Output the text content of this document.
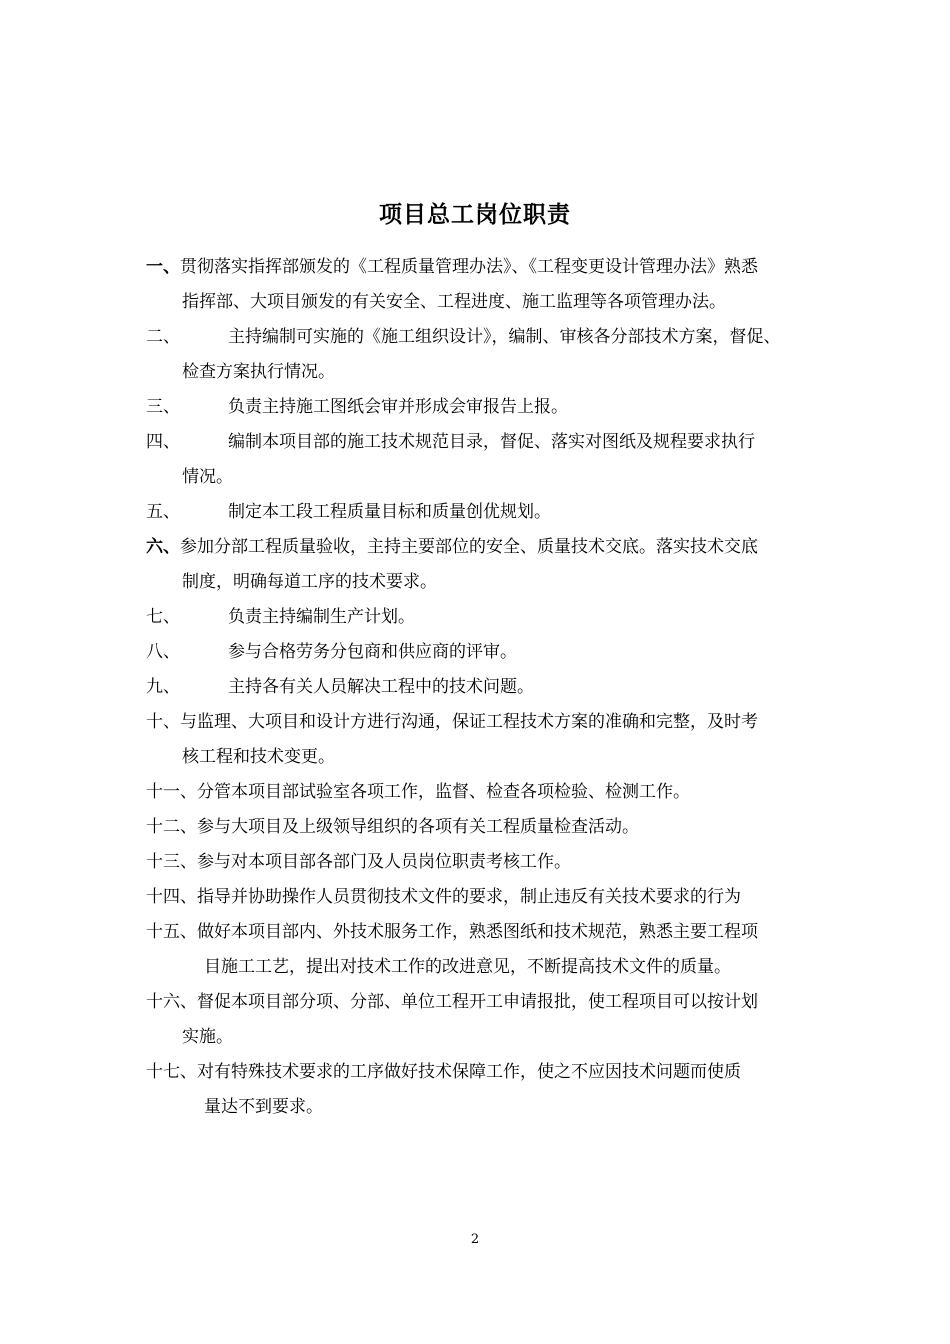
项目总工岗位职责
一、贯彻落实指挥部颁发的《工程质量管理办法》、《工程变更设计管理办法》熟悉
指挥部、大项目颁发的有关安全、工程进度、施工监理等各项管理办法。
二、	主持编制可实施的《施工组织设计》，编制、审核各分部技术方案，督促、
检查方案执行情况。
三、	负责主持施工图纸会审并形成会审报告上报。
四、	编制本项目部的施工技术规范目录，督促、落实对图纸及规程要求执行
情况。
五、	制定本工段工程质量目标和质量创优规划。
六、参加分部工程质量验收，主持主要部位的安全、质量技术交底。落实技术交底
制度，明确每道工序的技术要求。
七、	负责主持编制生产计划。
八、	参与合格劳务分包商和供应商的评审。
九、	主持各有关人员解决工程中的技术问题。
十、与监理、大项目和设计方进行沟通，保证工程技术方案的准确和完整，及时考
核工程和技术变更。
十一、分管本项目部试验室各项工作，监督、检查各项检验、检测工作。
十二、参与大项目及上级领导组织的各项有关工程质量检查活动。
十三、参与对本项目部各部门及人员岗位职责考核工作。
十四、指导并协助操作人员贯彻技术文件的要求，制止违反有关技术要求的行为
十五、做好本项目部内、外技术服务工作，熟悉图纸和技术规范，熟悉主要工程项
目施工工艺，提出对技术工作的改进意见，不断提高技术文件的质量。
十六、督促本项目部分项、分部、单位工程开工申请报批，使工程项目可以按计划
实施。
十七、对有特殊技术要求的工序做好技术保障工作，使之不应因技术问题而使质
量达不到要求。
2
